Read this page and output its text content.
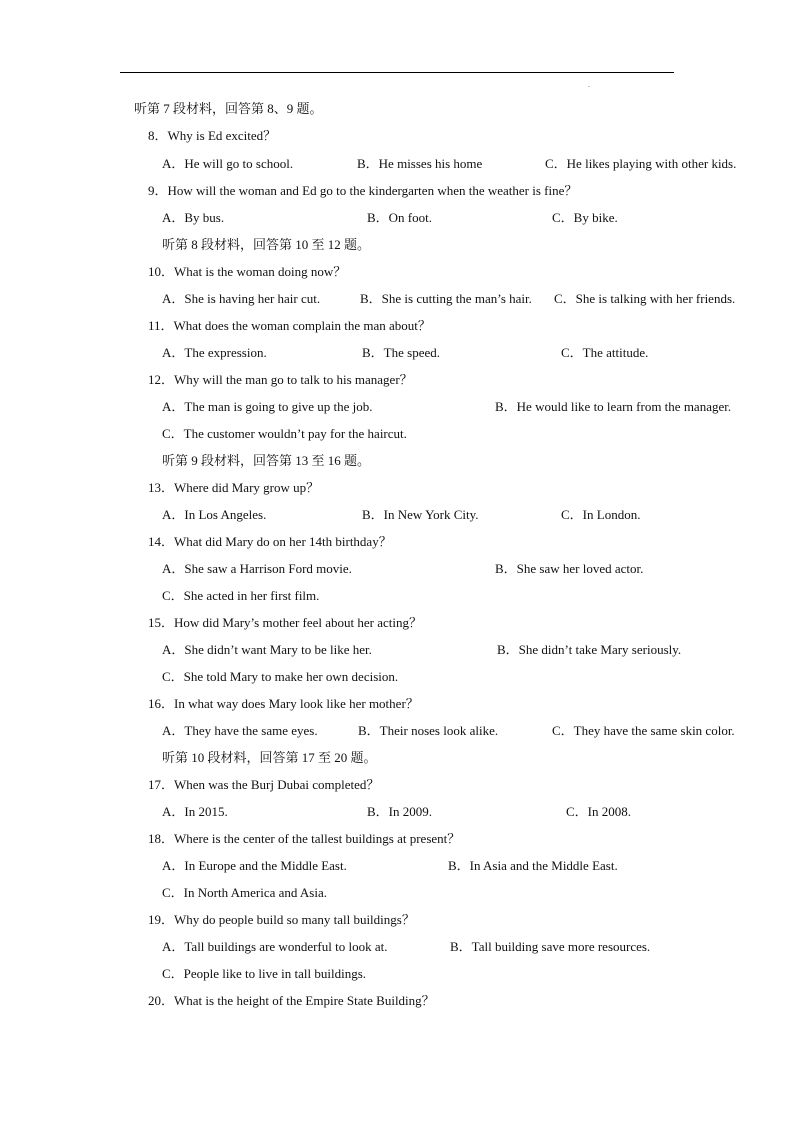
.
听第 7 段材料，回答第 8、9 题。
8．Why is Ed excited？
A．He will go to school.	B．He misses his home	C．He likes playing with other kids.
9．How will the woman and Ed go to the kindergarten when the weather is fine？
A．By bus.	B．On foot.	C．By bike.
听第 8 段材料，回答第 10 至 12 题。
10．What is the woman doing now？
A．She is having her hair cut.	B．She is cutting the man’s hair. C．She is talking with her friends.
11．What does the woman complain the man about？
A．The expression.	B．The speed.	C．The attitude.
12．Why will the man go to talk to his manager？
A．The man is going to give up the job.	B．He would like to learn from the manager.
C．The customer wouldn’t pay for the haircut.
听第 9 段材料，回答第 13 至 16 题。
13．Where did Mary grow up？
A．In Los Angeles.	B．In New York City.	C．In London.
14．What did Mary do on her 14th birthday？
A．She saw a Harrison Ford movie.	B．She saw her loved actor.
C．She acted in her first film.
15．How did Mary’s mother feel about her acting？
A．She didn’t want Mary to be like her.	B．She didn’t take Mary seriously.
C．She told Mary to make her own decision.
16．In what way does Mary look like her mother？
A．They have the same eyes.	B．Their noses look alike.	C．They have the same skin color.
听第 10 段材料，回答第 17 至 20 题。
17．When was the Burj Dubai completed？
A．In 2015.	B．In 2009.	C．In 2008.
18．Where is the center of the tallest buildings at present？
A．In Europe and the Middle East.	B．In Asia and the Middle East.
C．In North America and Asia.
19．Why do people build so many tall buildings？
A．Tall buildings are wonderful to look at.	B．Tall building save more resources.
C．People like to live in tall buildings.
20．What is the height of the Empire State Building？
